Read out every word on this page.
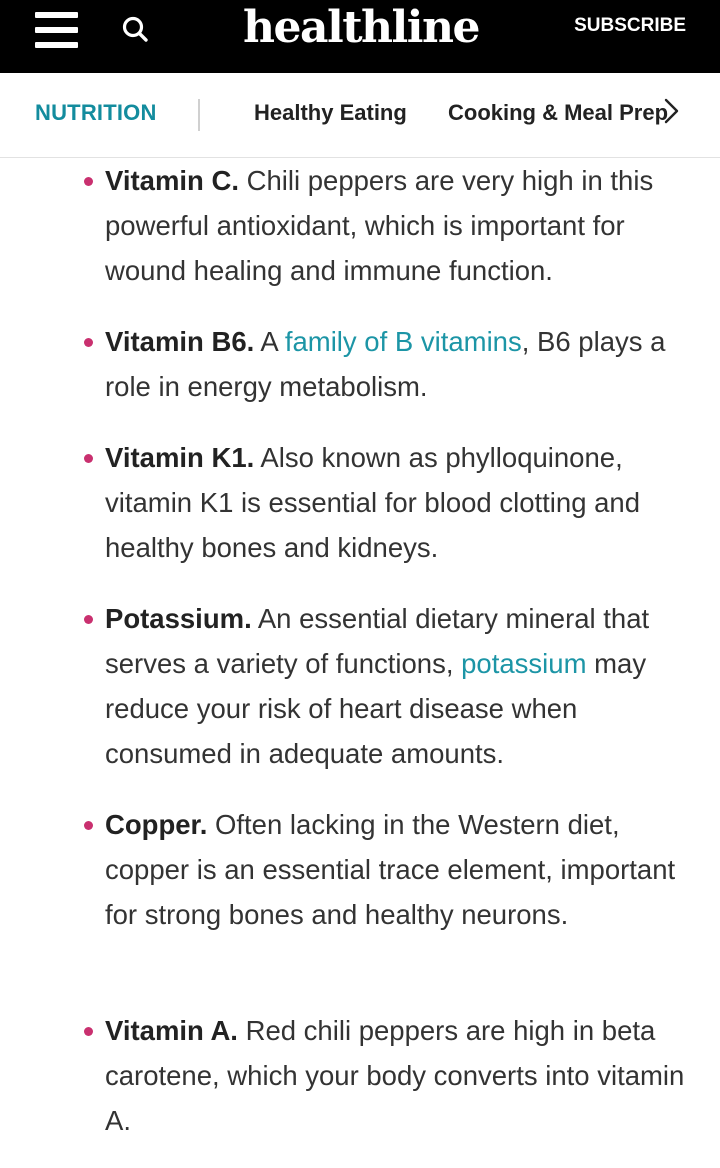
healthline	SUBSCRIBE
NUTRITION	Healthy Eating Cooking & Meal Prep
Vitamin C. Chili peppers are very high in this powerful antioxidant, which is important for wound healing and immune function.
Vitamin B6. A family of B vitamins, B6 plays a role in energy metabolism.
Vitamin K1. Also known as phylloquinone, vitamin K1 is essential for blood clotting and healthy bones and kidneys.
Potassium. An essential dietary mineral that serves a variety of functions, potassium may reduce your risk of heart disease when consumed in adequate amounts.
Copper. Often lacking in the Western diet, copper is an essential trace element, important for strong bones and healthy neurons.
Vitamin A. Red chili peppers are high in beta carotene, which your body converts into vitamin A.
